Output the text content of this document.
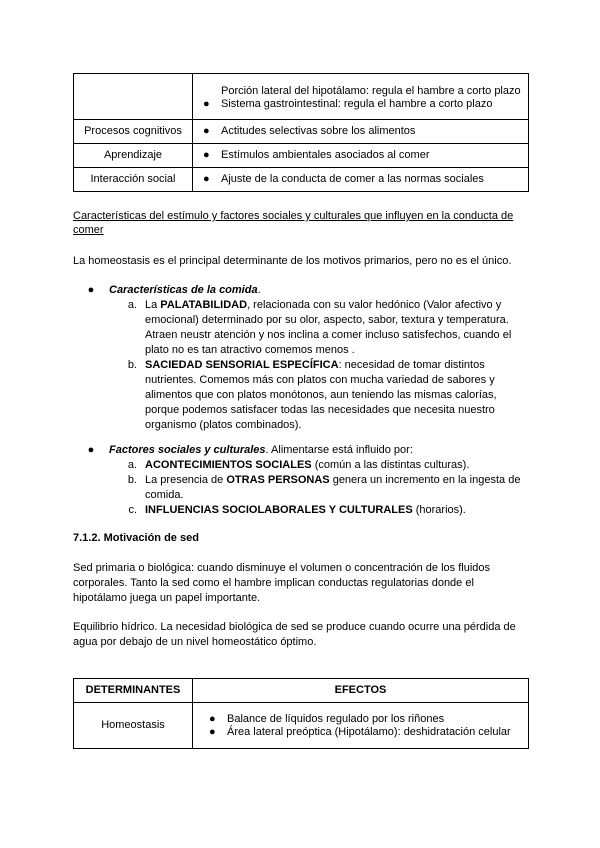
	Porción lateral del hipotálamo: regula el hambre a corto plazo
● Sistema gastrointestinal: regula el hambre a corto plazo

Procesos cognitivos	● Actitudes selectivas sobre los alimentos

Aprendizaje	● Estímulos ambientales asociados al comer

Interacción social	● Ajuste de la conducta de comer a las normas sociales
Características del estímulo y factores sociales y culturales que influyen en la conducta de comer
La homeostasis es el principal determinante de los motivos primarios, pero no es el único.
●	Características de la comida.
a. La PALATABILIDAD, relacionada con su valor hedónico (Valor afectivo y emocional) determinado por su olor, aspecto, sabor, textura y temperatura. Atraen neustr atención y nos inclina a comer incluso satisfechos, cuando el plato no es tan atractivo comemos menos .
b. SACIEDAD SENSORIAL ESPECÍFICA: necesidad de tomar distintos nutrientes. Comemos más con platos con mucha variedad de sabores y alimentos que con platos monótonos, aun teniendo las mismas calorías, porque podemos satisfacer todas las necesidades que necesita nuestro organismo (platos combinados).
●	Factores sociales y culturales. Alimentarse está influido por:
a. ACONTECIMIENTOS SOCIALES (común a las distintas culturas).
b. La presencia de OTRAS PERSONAS genera un incremento en la ingesta de comida.
c. INFLUENCIAS SOCIOLABORALES Y CULTURALES (horarios).
7.1.2. Motivación de sed
Sed primaria o biológica: cuando disminuye el volumen o concentración de los fluidos corporales. Tanto la sed como el hambre implican conductas regulatorias donde el hipotálamo juega un papel importante.
Equilibrio hídrico. La necesidad biológica de sed se produce cuando ocurre una pérdida de agua por debajo de un nivel homeostático óptimo.
DETERMINANTES	EFECTOS
Homeostasis	● Balance de líquidos regulado por los riñones
● Área lateral preóptica (Hipotálamo): deshidratación celular
